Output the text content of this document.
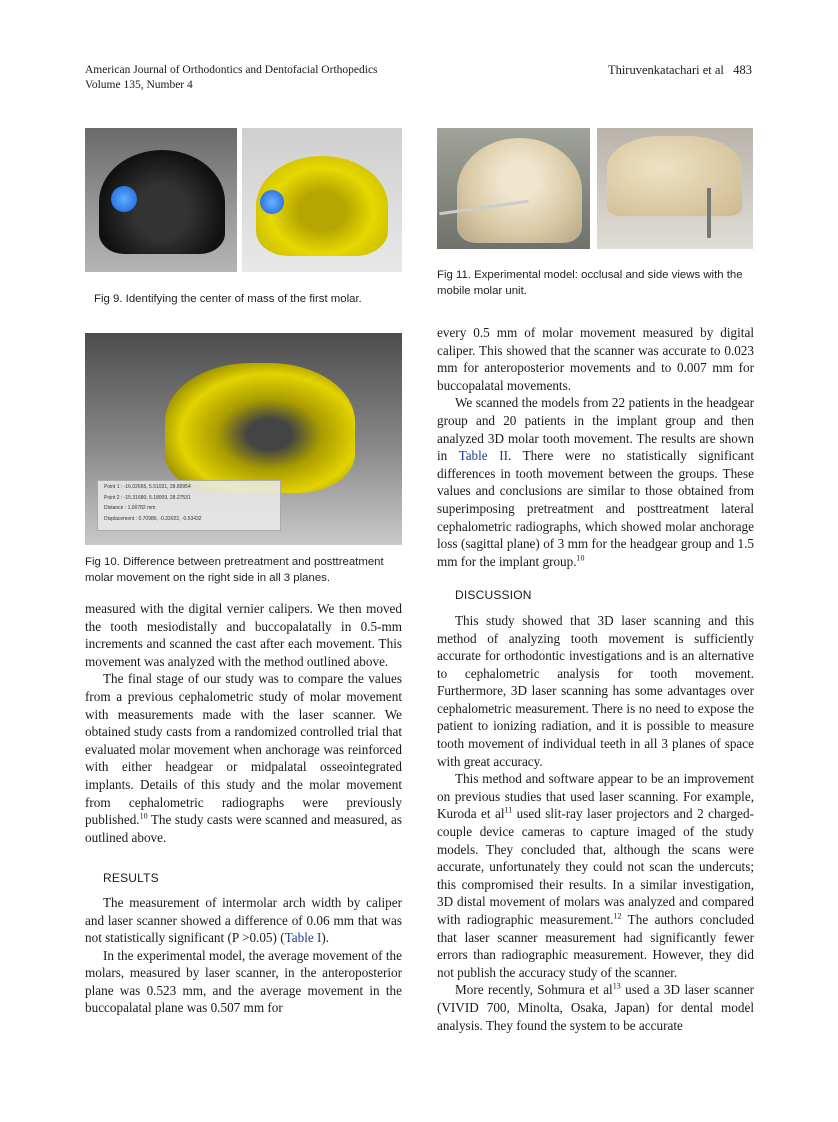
American Journal of Orthodontics and Dentofacial Orthopedics
Volume 135, Number 4
Thiruvenkatachari et al 483
Fig 9. Identifying the center of mass of the first molar.
Point 1 : -16.02665, 5.51031, 28.80954
Point 2 : -15.31680, 5.18009, 28.27531
Distance : 1.00782 mm
Displacement : 0.70986, -0.33022, -0.53432
Fig 10. Difference between pretreatment and posttreatment molar movement on the right side in all 3 planes.
Fig 11. Experimental model: occlusal and side views with the mobile molar unit.

every 0.5 mm of molar movement measured by digital caliper. This showed that the scanner was accurate to 0.023 mm for anteroposterior movements and to 0.007 mm for buccopalatal movements.

We scanned the models from 22 patients in the headgear group and 20 patients in the implant group and then analyzed 3D molar tooth movement. The results are shown in Table II. There were no statistically significant differences in tooth movement between the groups. These values and conclusions are similar to those obtained from superimposing pretreatment and posttreatment lateral cephalometric radiographs, which showed molar anchorage loss (sagittal plane) of 3 mm for the headgear group and 1.5 mm for the implant group.$^{10}$

DISCUSSION

This study showed that 3D laser scanning and this method of analyzing tooth movement is sufficiently accurate for orthodontic investigations and is an alternative to cephalometric analysis for tooth movement. Furthermore, 3D laser scanning has some advantages over cephalometric measurement. There is no need to expose the patient to ionizing radiation, and it is possible to measure tooth movement of individual teeth in all 3 planes of space with great accuracy.

This method and software appear to be an improvement on previous studies that used laser scanning. For example, Kuroda et $al^{11}$ used slit-ray laser projectors and 2 charged-couple device cameras to capture imaged of the study models. They concluded that, although the scans were accurate, unfortunately they could not scan the undercuts; this compromised their results. In a similar investigation, 3D distal movement of molars was analyzed and compared with radiographic measurement.$^{12}$ The authors concluded that laser scanner measurement had significantly fewer errors than radiographic measurement. However, they did not publish the accuracy study of the scanner.

More recently, Sohmura et $al^{13}$ used a 3D laser scanner (VIVID 700, Minolta, Osaka, Japan) for dental model analysis. They found the system to be accurate

measured with the digital vernier calipers. We then moved the tooth mesiodistally and buccopalatally in 0.5-mm increments and scanned the cast after each movement. This movement was analyzed with the method outlined above.

The final stage of our study was to compare the values from a previous cephalometric study of molar movement with measurements made with the laser scanner. We obtained study casts from a randomized controlled trial that evaluated molar movement when anchorage was reinforced with either headgear or midpalatal osseointegrated implants. Details of this study and the molar movement from cephalometric radiographs were previously published.$^{10}$ The study casts were scanned and measured, as outlined above.

RESULTS

The measurement of intermolar arch width by caliper and laser scanner showed a difference of 0.06 mm that was not statistically significant (P >0.05) (Table I).

In the experimental model, the average movement of the molars, measured by laser scanner, in the anteroposterior plane was 0.523 mm, and the average movement in the buccopalatal plane was 0.507 mm for
